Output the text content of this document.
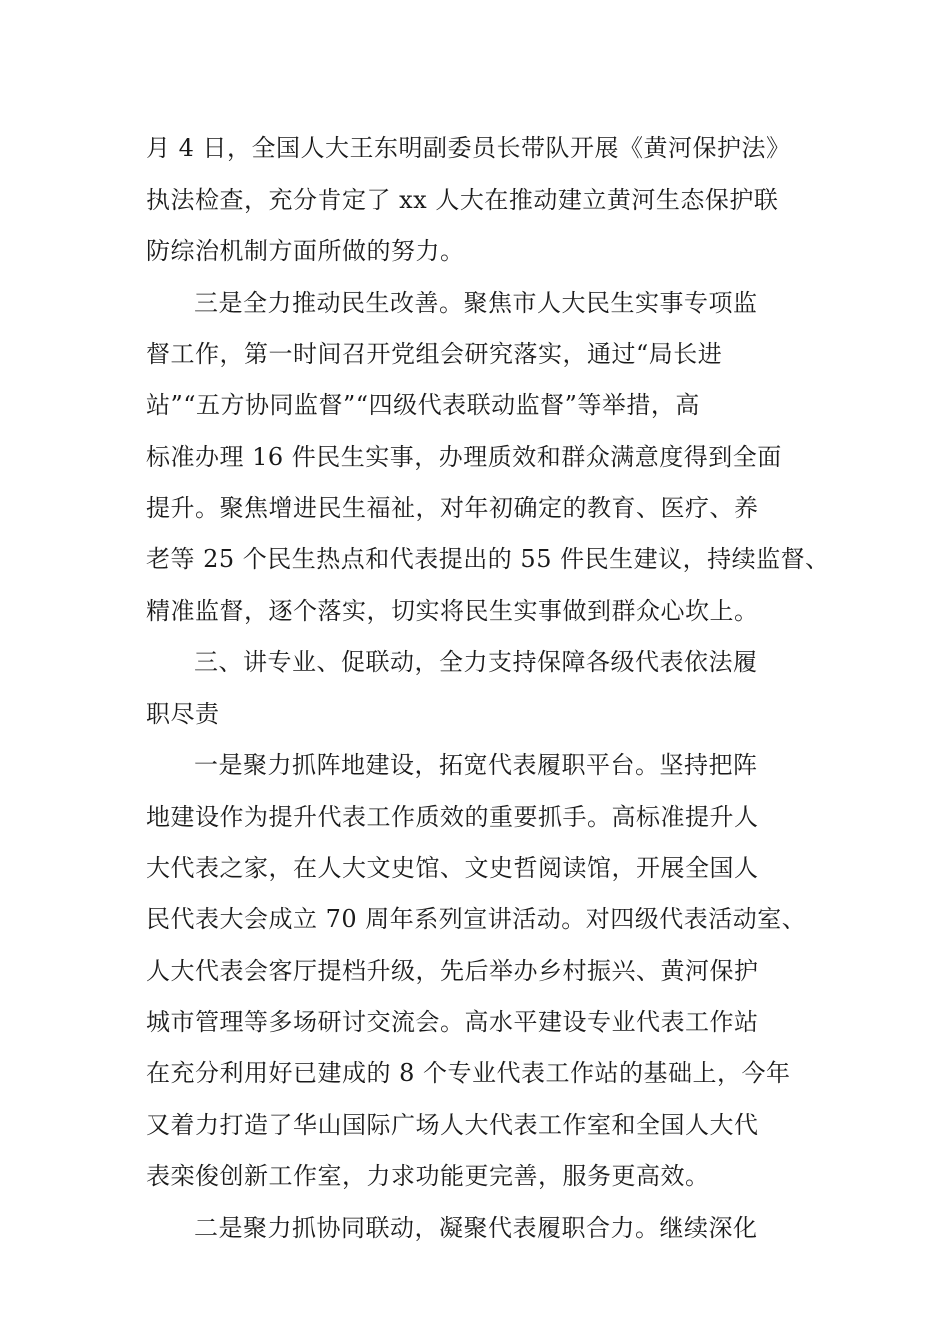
月 4 日，全国人大王东明副委员长带队开展《黄河保护法》
执法检查，充分肯定了 xx 人大在推动建立黄河生态保护联
防综治机制方面所做的努力。
三是全力推动民生改善。聚焦市人大民生实事专项监
督工作，第一时间召开党组会研究落实，通过“局长进
站”“五方协同监督”“四级代表联动监督”等举措，高
标准办理 16 件民生实事，办理质效和群众满意度得到全面
提升。聚焦增进民生福祉，对年初确定的教育、医疗、养
老等 25 个民生热点和代表提出的 55 件民生建议，持续监督、
精准监督，逐个落实，切实将民生实事做到群众心坎上。
三、讲专业、促联动，全力支持保障各级代表依法履
职尽责
一是聚力抓阵地建设，拓宽代表履职平台。坚持把阵
地建设作为提升代表工作质效的重要抓手。高标准提升人
大代表之家，在人大文史馆、文史哲阅读馆，开展全国人
民代表大会成立 70 周年系列宣讲活动。对四级代表活动室、
人大代表会客厅提档升级，先后举办乡村振兴、黄河保护
城市管理等多场研讨交流会。高水平建设专业代表工作站
在充分利用好已建成的 8 个专业代表工作站的基础上，今年
又着力打造了华山国际广场人大代表工作室和全国人大代
表栾俊创新工作室，力求功能更完善，服务更高效。
二是聚力抓协同联动，凝聚代表履职合力。继续深化
